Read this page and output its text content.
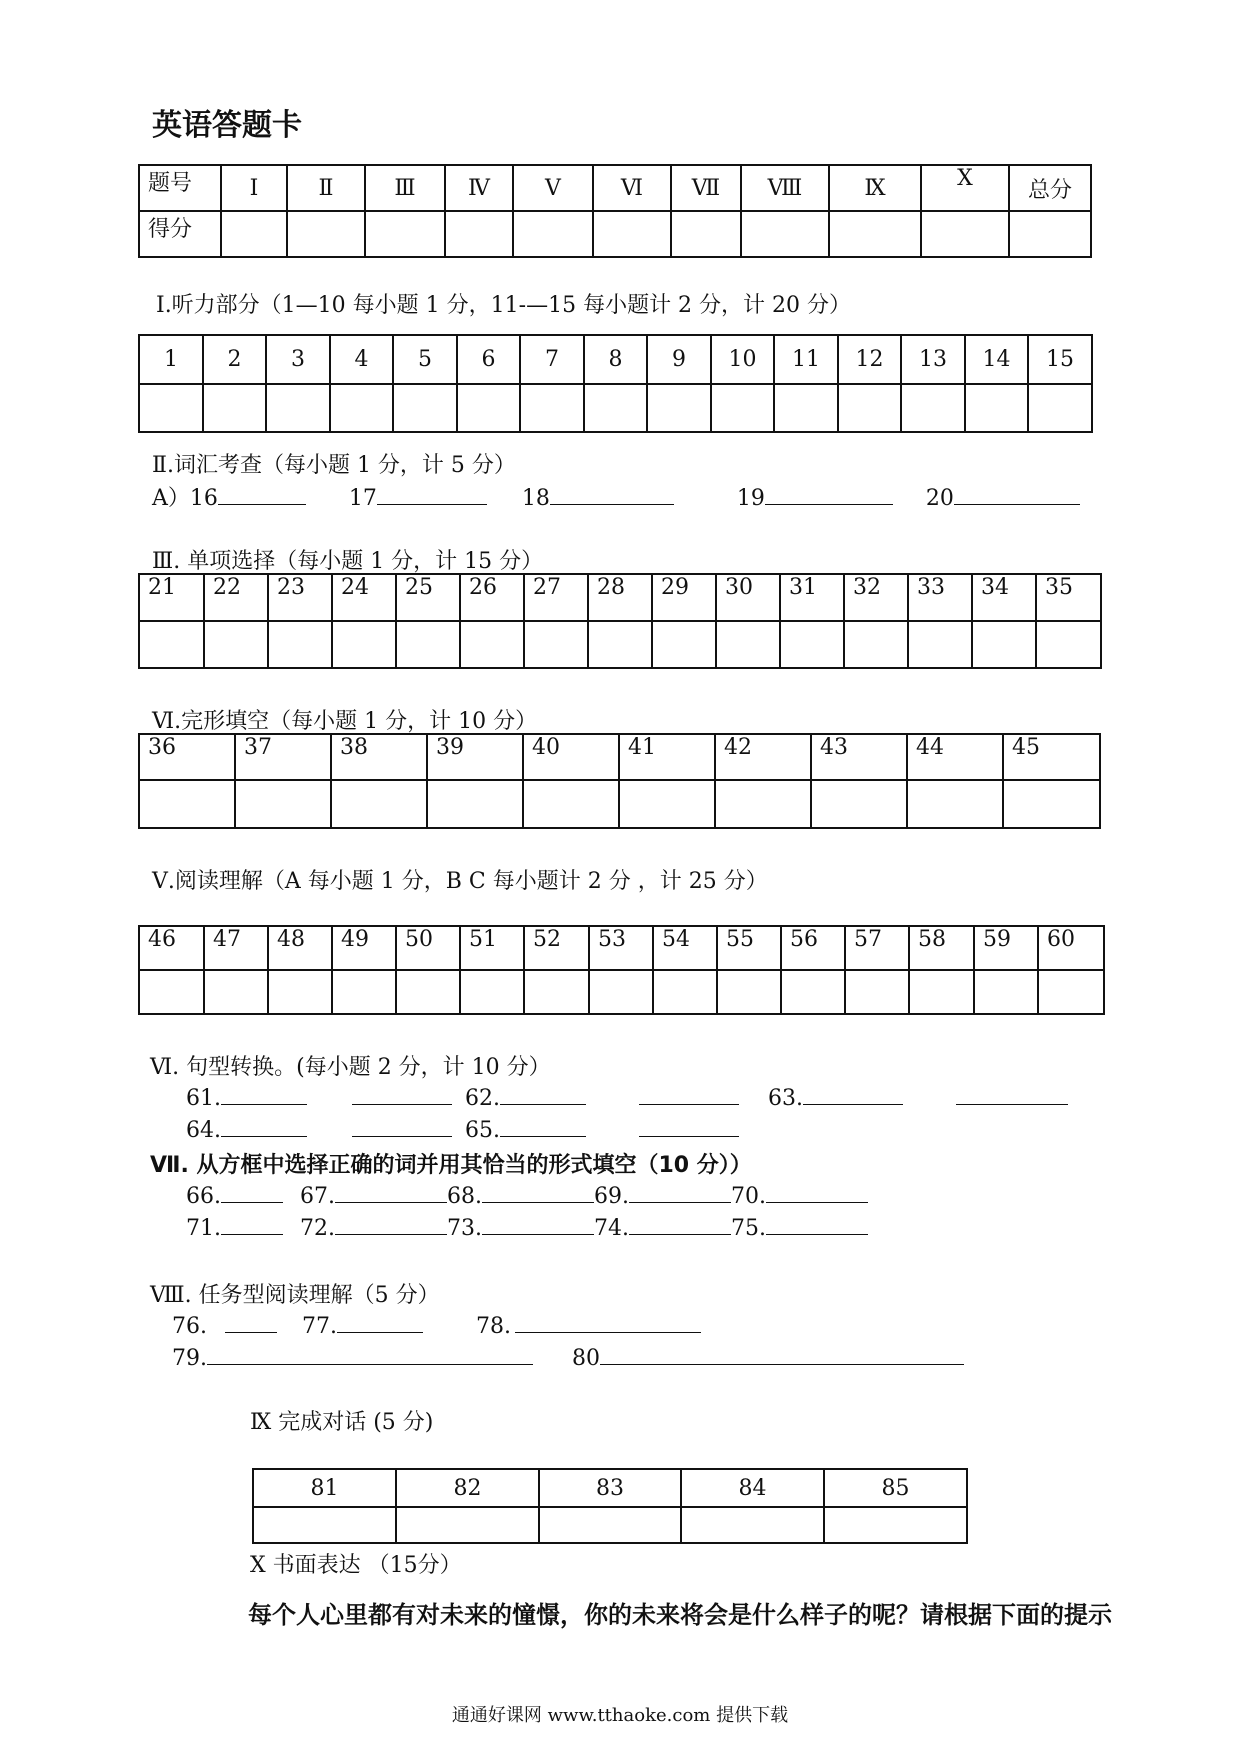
英语答题卡
题号	Ⅰ	Ⅱ	Ⅲ	Ⅳ	Ⅴ	Ⅵ	Ⅶ	Ⅷ	Ⅸ	X	总分
得分											
Ⅰ.听力部分（1—10 每小题 1 分，11-—15 每小题计 2 分，计 20 分）
1	2	3	4	5	6	7	8	9	10	11	12	13	14	15

Ⅱ.词汇考查（每小题 1 分，计 5 分）
A）16	17	18	19	20
Ⅲ. 单项选择（每小题 1 分，计 15 分）
21	22	23	24	25	26	27	28	29	30	31	32	33	34	35

Ⅵ.完形填空（每小题 1 分，计 10 分）
36	37	38	39	40	41	42	43	44	45

Ⅴ.阅读理解（A 每小题 1 分，B C 每小题计 2 分 ，计 25 分）
46	47	48	49	50	51	52	53	54	55	56	57	58	59	60

Ⅵ. 句型转换。(每小题 2 分，计 10 分）
61.	62.	63.
64.	65.
Ⅶ. 从方框中选择正确的词并用其恰当的形式填空（10 分））
66.	67.	68.	69.	70.
71.	72.	73.	74.	75.
Ⅷ. 任务型阅读理解（5 分）
76.	77.	78.
79.	80
Ⅸ 完成对话 (5 分)
81	82	83	84	85

X 书面表达 （15分）
每个人心里都有对未来的憧憬，你的未来将会是什么样子的呢？请根据下面的提示
通通好课网 www.tthaoke.com 提供下载
